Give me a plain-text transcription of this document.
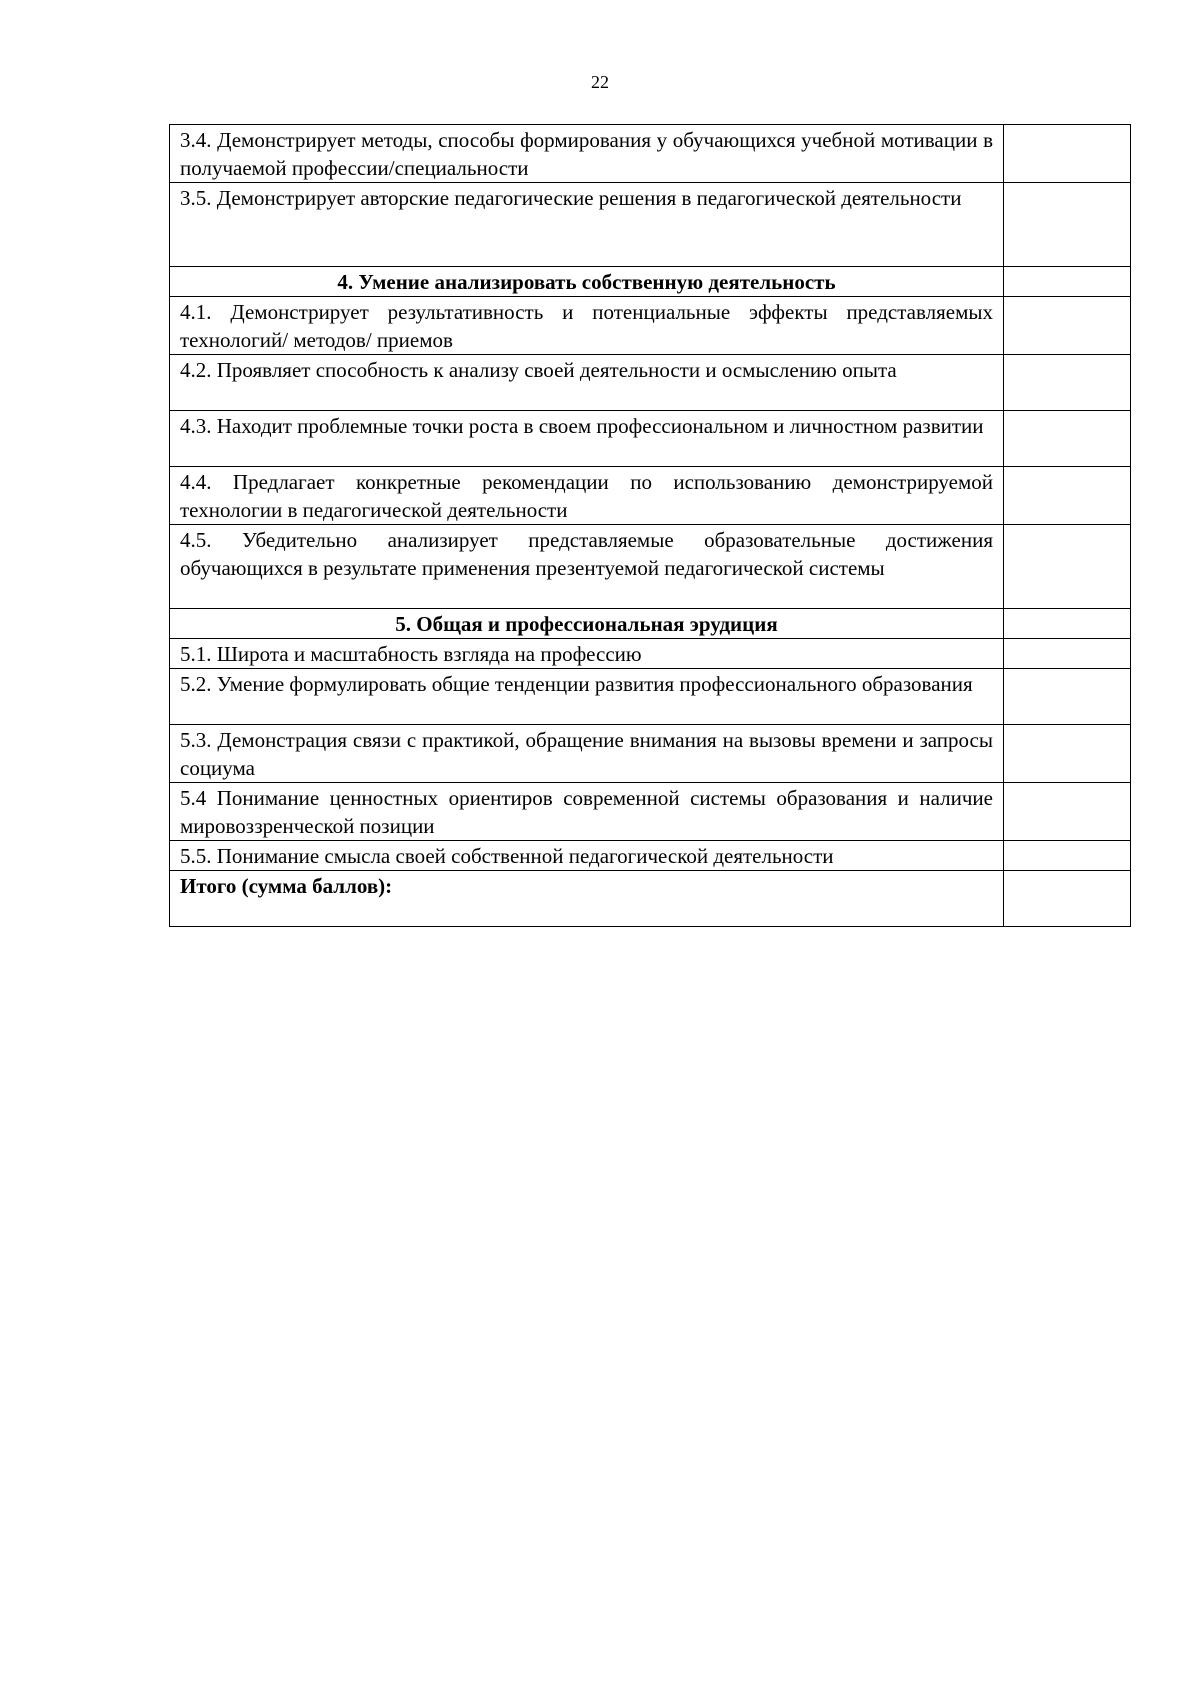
22
3.4. Демонстрирует методы, способы формирования у обучающихся учебной мотивации в получаемой профессии/специальности	
3.5. Демонстрирует авторские педагогические решения в педагогической деятельности	
4. Умение анализировать собственную деятельность	
4.1. Демонстрирует результативность и потенциальные эффекты представляемых технологий/ методов/ приемов	
4.2. Проявляет способность к анализу своей деятельности и осмыслению опыта	
4.3. Находит проблемные точки роста в своем профессиональном и личностном развитии	
4.4. Предлагает конкретные рекомендации по использованию демонстрируемой технологии в педагогической деятельности	
4.5. Убедительно анализирует представляемые образовательные достижения обучающихся в результате применения презентуемой педагогической системы	
5. Общая и профессиональная эрудиция	
5.1. Широта и масштабность взгляда на профессию	
5.2. Умение формулировать общие тенденции развития профессионального образования	
5.3. Демонстрация связи с практикой, обращение внимания на вызовы времени и запросы социума	
5.4 Понимание ценностных ориентиров современной системы образования и наличие мировоззренческой позиции	
5.5. Понимание смысла своей собственной педагогической деятельности	
Итого (сумма баллов):	
